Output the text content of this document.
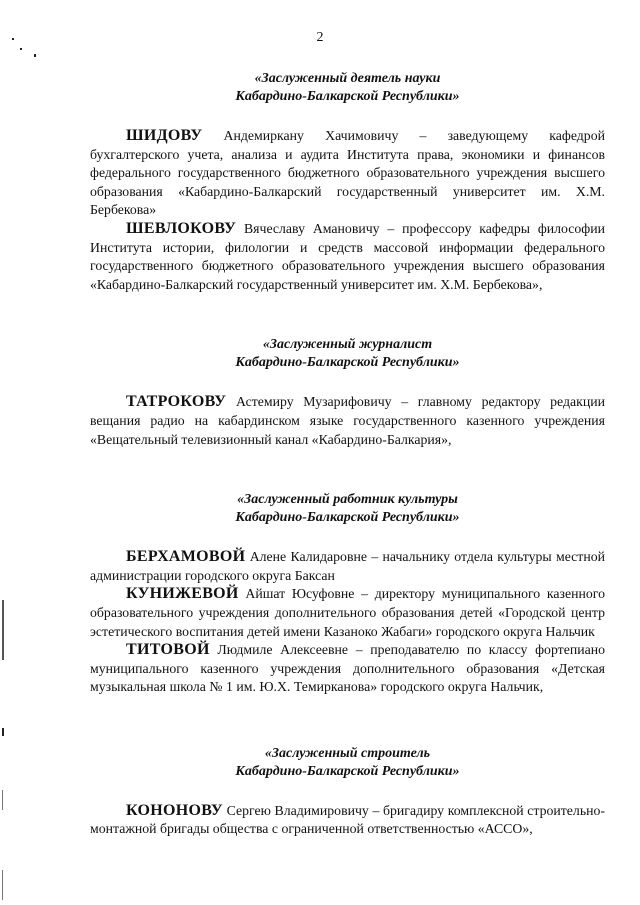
2

«Заслуженный деятель науки
Кабардино-Балкарской Республики»

ШИДОВУ Андемиркану Хачимовичу – заведующему кафедрой бухгалтерского учета, анализа и аудита Института права, экономики и финансов федерального государственного бюджетного образовательного учреждения высшего образования «Кабардино-Балкарский государственный университет им. Х.М. Бербекова»

ШЕВЛОКОВУ Вячеславу Амановичу – профессору кафедры философии Института истории, филологии и средств массовой информации федерального государственного бюджетного образовательного учреждения высшего образования «Кабардино-Балкарский государственный университет им. Х.М. Бербекова»,

«Заслуженный журналист
Кабардино-Балкарской Республики»

ТАТРОКОВУ Астемиру Музарифовичу – главному редактору редакции вещания радио на кабардинском языке государственного казенного учреждения «Вещательный телевизионный канал «Кабардино-Балкария»,

«Заслуженный работник культуры
Кабардино-Балкарской Республики»

БЕРХАМОВОЙ Алене Калидаровне – начальнику отдела культуры местной администрации городского округа Баксан

КУНИЖЕВОЙ Айшат Юсуфовне – директору муниципального казенного образовательного учреждения дополнительного образования детей «Городской центр эстетического воспитания детей имени Казаноко Жабаги» городского округа Нальчик

ТИТОВОЙ Людмиле Алексеевне – преподавателю по классу фортепиано муниципального казенного учреждения дополнительного образования «Детская музыкальная школа № 1 им. Ю.Х. Темирканова» городского округа Нальчик,

«Заслуженный строитель
Кабардино-Балкарской Республики»

КОНОНОВУ Сергею Владимировичу – бригадиру комплексной строительно-монтажной бригады общества с ограниченной ответственностью «АССО»,
